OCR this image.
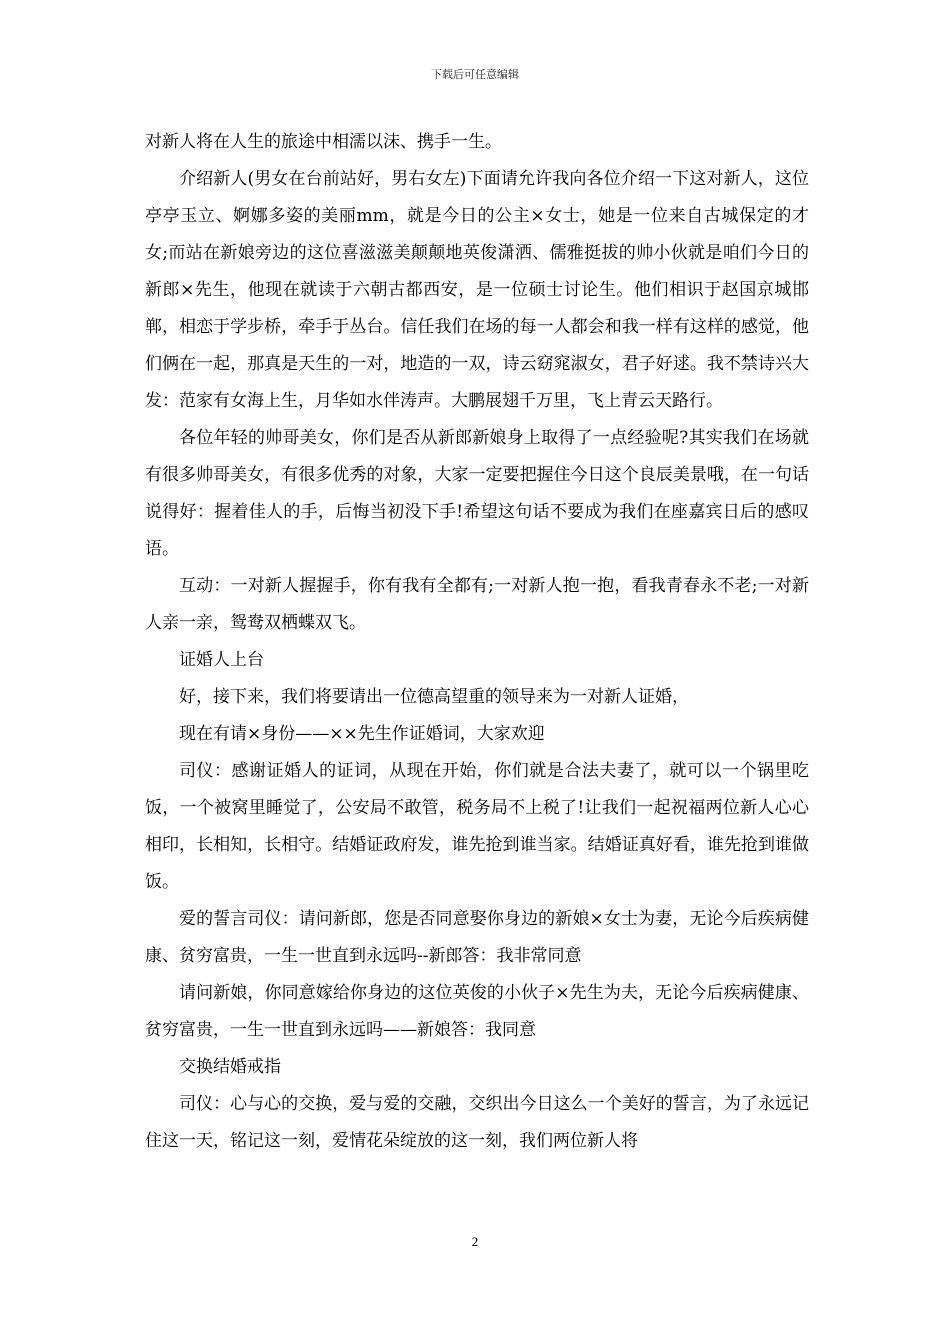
下载后可任意编辑

对新人将在人生的旅途中相濡以沫、携手一生。

介绍新人(男女在台前站好，男右女左)下面请允许我向各位介绍一下这对新人，这位亭亭玉立、婀娜多姿的美丽mm，就是今日的公主×女士，她是一位来自古城保定的才女;而站在新娘旁边的这位喜滋滋美颠颠地英俊潇洒、儒雅挺拔的帅小伙就是咱们今日的新郎×先生，他现在就读于六朝古都西安，是一位硕士讨论生。他们相识于赵国京城邯郸，相恋于学步桥，牵手于丛台。信任我们在场的每一人都会和我一样有这样的感觉，他们俩在一起，那真是天生的一对，地造的一双，诗云窈窕淑女，君子好逑。我不禁诗兴大发：范家有女海上生，月华如水伴涛声。大鹏展翅千万里，飞上青云天路行。

各位年轻的帅哥美女，你们是否从新郎新娘身上取得了一点经验呢?其实我们在场就有很多帅哥美女，有很多优秀的对象，大家一定要把握住今日这个良辰美景哦，在一句话说得好：握着佳人的手，后悔当初没下手!希望这句话不要成为我们在座嘉宾日后的感叹语。

互动：一对新人握握手，你有我有全都有;一对新人抱一抱，看我青春永不老;一对新人亲一亲，鸳鸯双栖蝶双飞。

证婚人上台

好，接下来，我们将要请出一位德高望重的领导来为一对新人证婚，

现在有请×身份——××先生作证婚词，大家欢迎

司仪：感谢证婚人的证词，从现在开始，你们就是合法夫妻了，就可以一个锅里吃饭，一个被窝里睡觉了，公安局不敢管，税务局不上税了!让我们一起祝福两位新人心心相印，长相知，长相守。结婚证政府发，谁先抢到谁当家。结婚证真好看，谁先抢到谁做饭。

爱的誓言司仪：请问新郎，您是否同意娶你身边的新娘×女士为妻，无论今后疾病健康、贫穷富贵，一生一世直到永远吗--新郎答：我非常同意

请问新娘，你同意嫁给你身边的这位英俊的小伙子×先生为夫，无论今后疾病健康、贫穷富贵，一生一世直到永远吗——新娘答：我同意

交换结婚戒指

司仪：心与心的交换，爱与爱的交融，交织出今日这么一个美好的誓言，为了永远记住这一天，铭记这一刻，爱情花朵绽放的这一刻，我们两位新人将

2
